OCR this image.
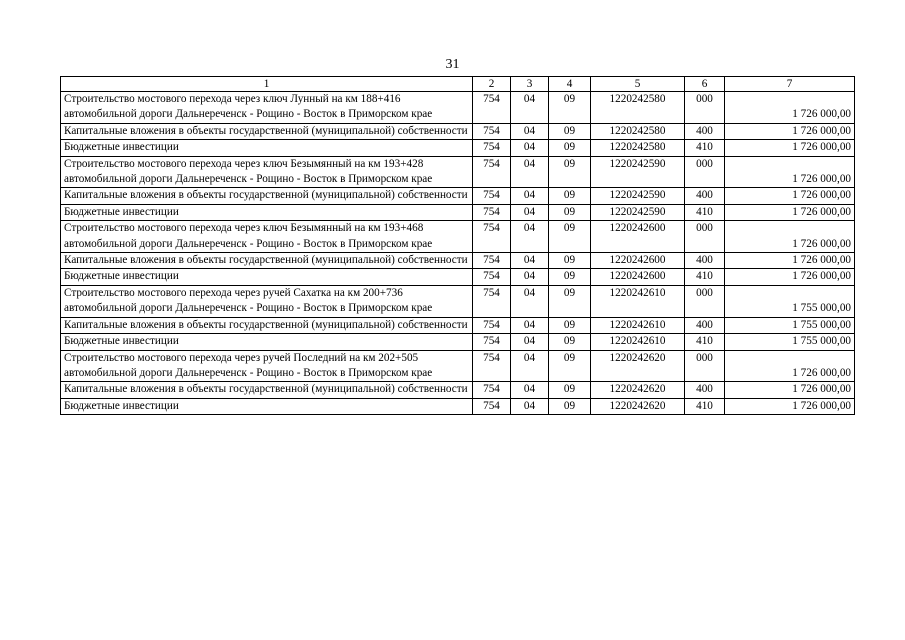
31
1	2	3	4	5	6	7
Строительство мостового перехода через ключ Лунный на км 188+416 автомобильной дороги Дальнереченск - Рощино - Восток в Приморском крае	754	04	09	1220242580	000	1 726 000,00
Капитальные вложения в объекты государственной (муниципальной) собственности	754	04	09	1220242580	400	1 726 000,00
Бюджетные инвестиции	754	04	09	1220242580	410	1 726 000,00
Строительство мостового перехода через ключ Безымянный на км 193+428 автомобильной дороги Дальнереченск - Рощино - Восток в Приморском крае	754	04	09	1220242590	000	1 726 000,00
Капитальные вложения в объекты государственной (муниципальной) собственности	754	04	09	1220242590	400	1 726 000,00
Бюджетные инвестиции	754	04	09	1220242590	410	1 726 000,00
Строительство мостового перехода через ключ Безымянный на км 193+468 автомобильной дороги Дальнереченск - Рощино - Восток в Приморском крае	754	04	09	1220242600	000	1 726 000,00
Капитальные вложения в объекты государственной (муниципальной) собственности	754	04	09	1220242600	400	1 726 000,00
Бюджетные инвестиции	754	04	09	1220242600	410	1 726 000,00
Строительство мостового перехода через ручей Сахатка на км 200+736 автомобильной дороги Дальнереченск - Рощино - Восток в Приморском крае	754	04	09	1220242610	000	1 755 000,00
Капитальные вложения в объекты государственной (муниципальной) собственности	754	04	09	1220242610	400	1 755 000,00
Бюджетные инвестиции	754	04	09	1220242610	410	1 755 000,00
Строительство мостового перехода через ручей Последний на км 202+505 автомобильной дороги Дальнереченск - Рощино - Восток в Приморском крае	754	04	09	1220242620	000	1 726 000,00
Капитальные вложения в объекты государственной (муниципальной) собственности	754	04	09	1220242620	400	1 726 000,00
Бюджетные инвестиции	754	04	09	1220242620	410	1 726 000,00
